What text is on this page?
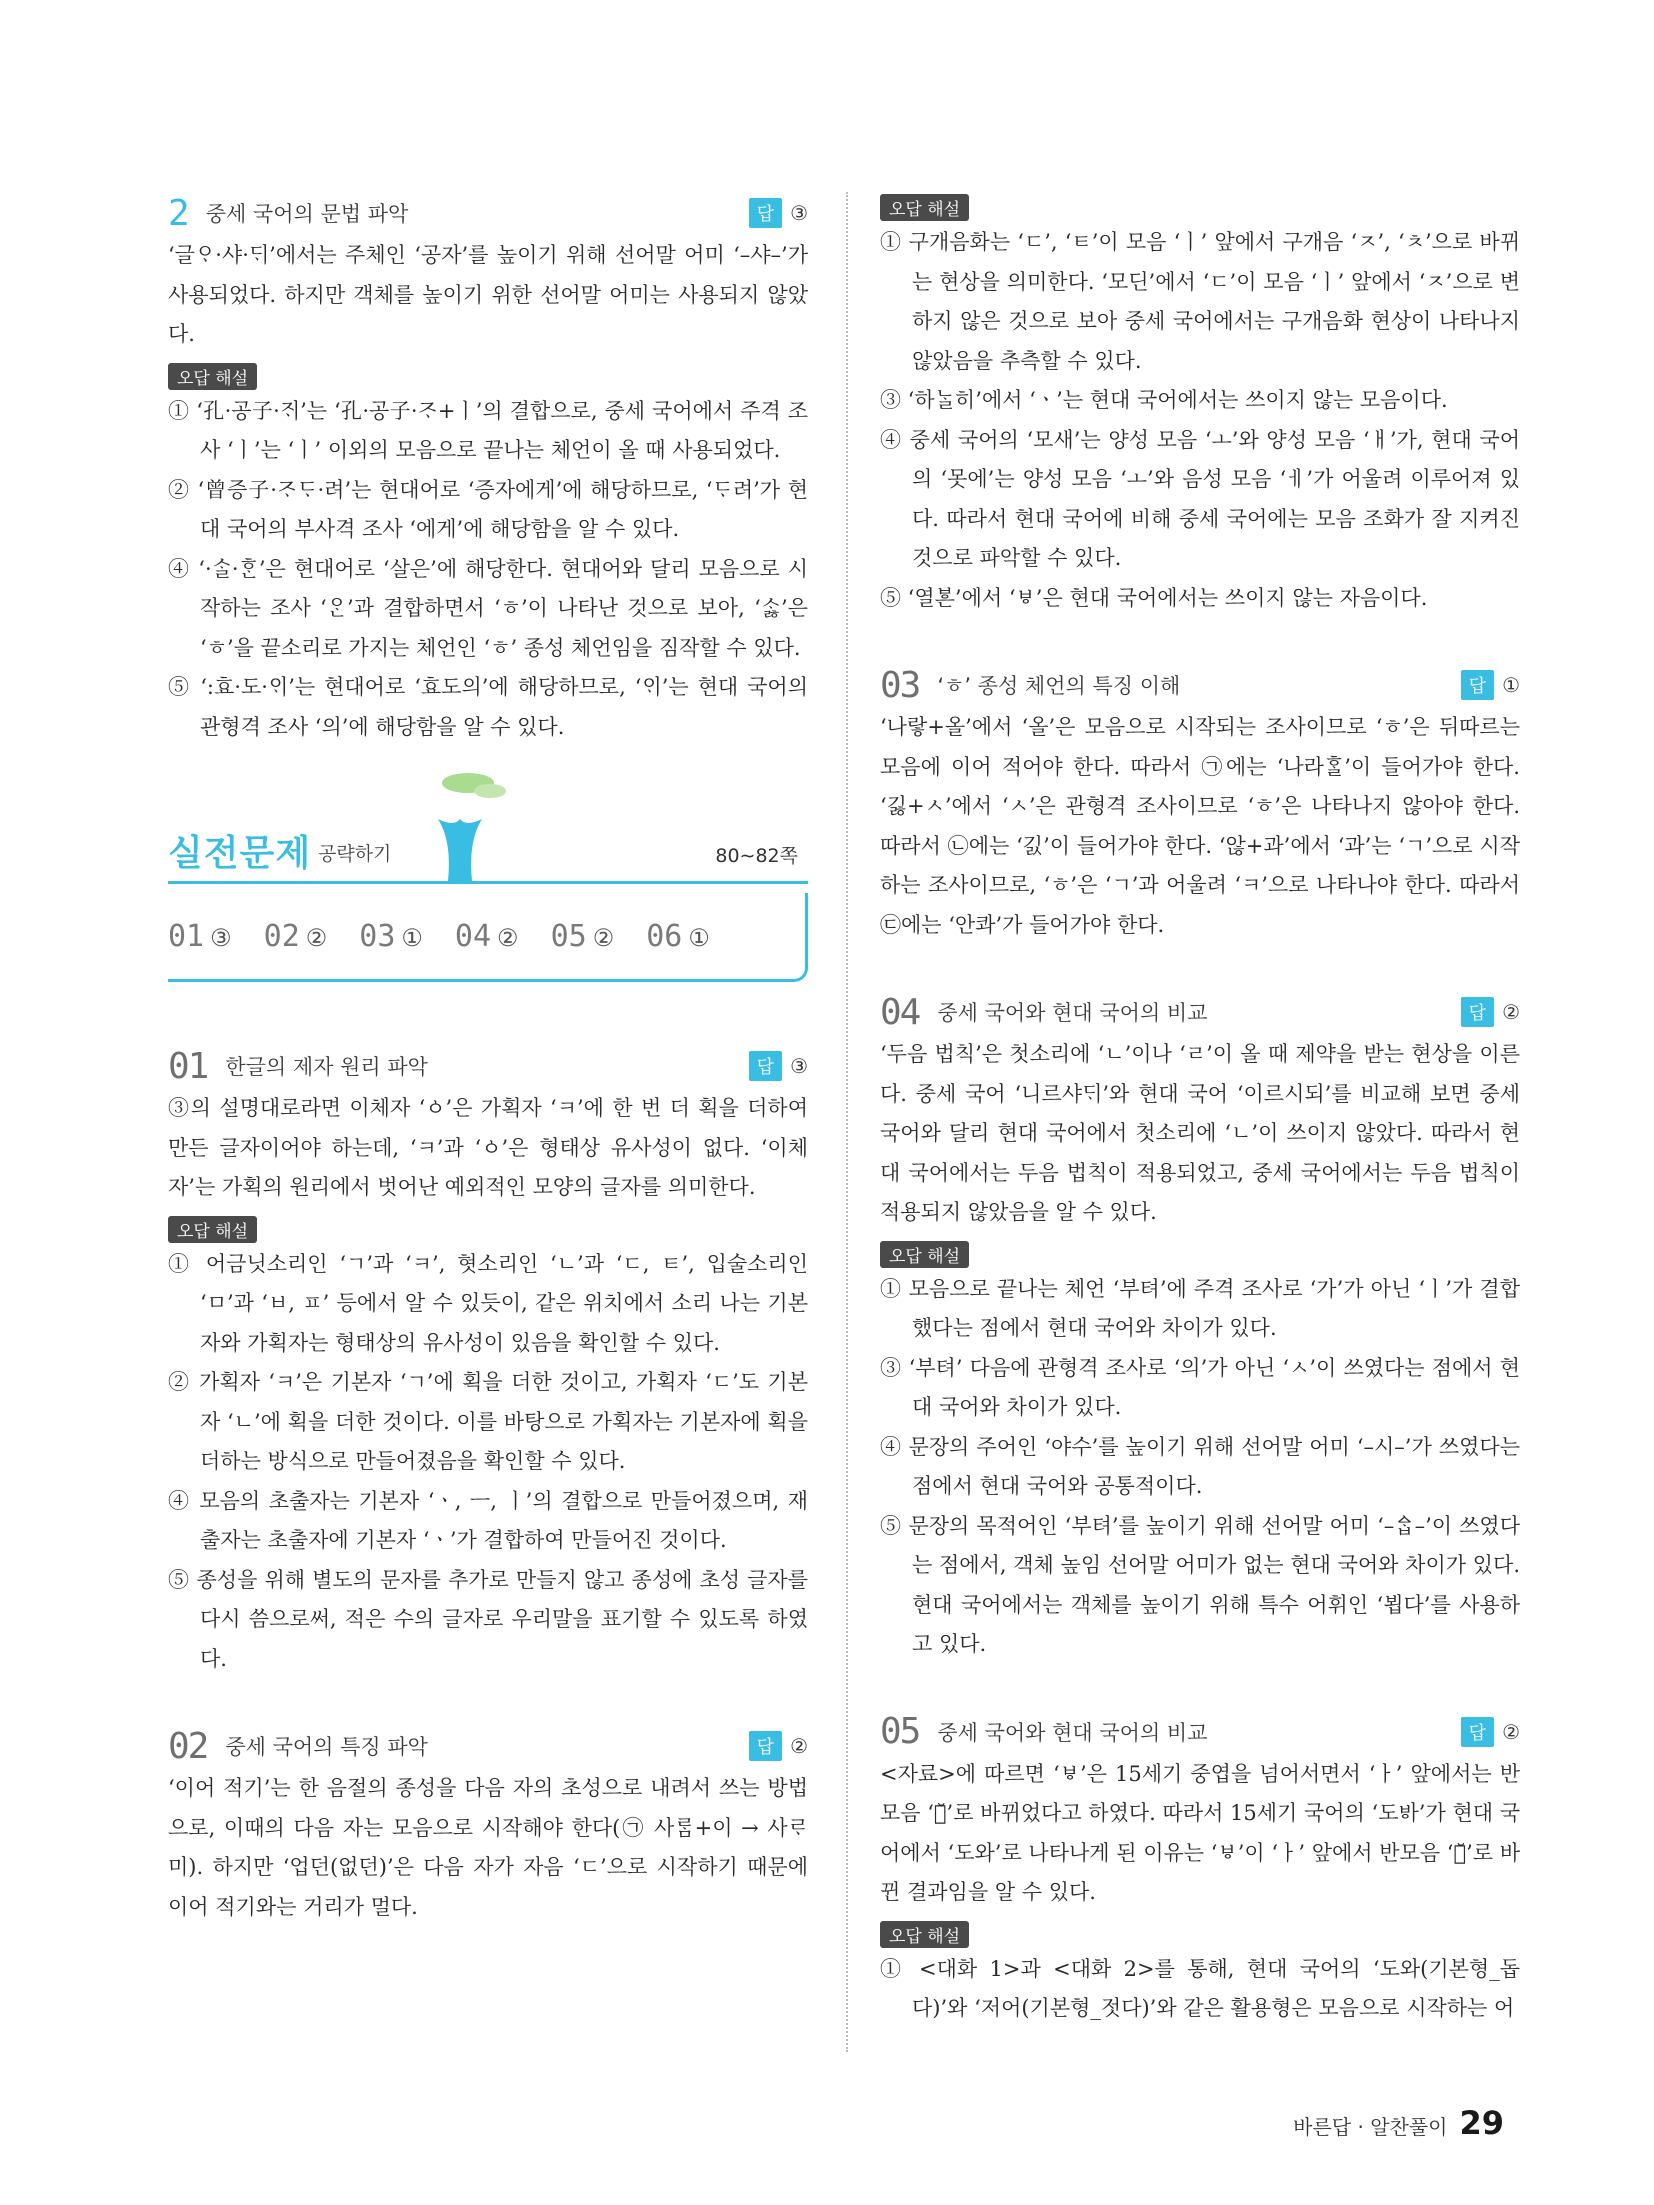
2 중세 국어의 문법 파악	답 ③

‘글ᄋᆞ·샤·ᄃᆡ’에서는 주체인 ‘공자’를 높이기 위해 선어말 어미 ‘–샤–’가 사용되었다. 하지만 객체를 높이기 위한 선어말 어미는 사용되지 않았다.

오답 해설
① ‘孔·공子·ᄌᆡ’는 ‘孔·공子·ᄌᆞ+ㅣ’의 결합으로, 중세 국어에서 주격 조사 ‘ㅣ’는 ‘ㅣ’ 이외의 모음으로 끝나는 체언이 올 때 사용되었다.
② ‘曾증子·ᄌᆞᄃᆞ·려’는 현대어로 ‘증자에게’에 해당하므로, ‘ᄃᆞ려’가 현대 국어의 부사격 조사 ‘에게’에 해당함을 알 수 있다.
④ ‘·ᄉᆞᆯ·ᄒᆞᆫ’은 현대어로 ‘살은’에 해당한다. 현대어와 달리 모음으로 시작하는 조사 ‘ᄋᆞᆫ’과 결합하면서 ‘ㅎ’이 나타난 것으로 보아, ‘ᄉᆞᆶ’은 ‘ㅎ’을 끝소리로 가지는 체언인 ‘ㅎ’ 종성 체언임을 짐작할 수 있다.
⑤ ‘:효·도·ᄋᆡ’는 현대어로 ‘효도의’에 해당하므로, ‘ᄋᆡ’는 현대 국어의 관형격 조사 ‘의’에 해당함을 알 수 있다.
실전문제 공략하기	80∼82쪽
01 ③ 02 ② 03 ① 04 ② 05 ② 06 ①
01 한글의 제자 원리 파악	답 ③

③의 설명대로라면 이체자 ‘ㆁ’은 가획자 ‘ㅋ’에 한 번 더 획을 더하여 만든 글자이어야 하는데, ‘ㅋ’과 ‘ㆁ’은 형태상 유사성이 없다. ‘이체자’는 가획의 원리에서 벗어난 예외적인 모양의 글자를 의미한다.

오답 해설
① 어금닛소리인 ‘ㄱ’과 ‘ㅋ’, 혓소리인 ‘ㄴ’과 ‘ㄷ, ㅌ’, 입술소리인 ‘ㅁ’과 ‘ㅂ, ㅍ’ 등에서 알 수 있듯이, 같은 위치에서 소리 나는 기본자와 가획자는 형태상의 유사성이 있음을 확인할 수 있다.
② 가획자 ‘ㅋ’은 기본자 ‘ㄱ’에 획을 더한 것이고, 가획자 ‘ㄷ’도 기본자 ‘ㄴ’에 획을 더한 것이다. 이를 바탕으로 가획자는 기본자에 획을 더하는 방식으로 만들어졌음을 확인할 수 있다.
④ 모음의 초출자는 기본자 ‘ㆍ, ㅡ, ㅣ’의 결합으로 만들어졌으며, 재출자는 초출자에 기본자 ‘ㆍ’가 결합하여 만들어진 것이다.
⑤ 종성을 위해 별도의 문자를 추가로 만들지 않고 종성에 초성 글자를 다시 씀으로써, 적은 수의 글자로 우리말을 표기할 수 있도록 하였다.
02 중세 국어의 특징 파악	답 ②

‘이어 적기’는 한 음절의 종성을 다음 자의 초성으로 내려서 쓰는 방법으로, 이때의 다음 자는 모음으로 시작해야 한다(㉠ 사ᄅᆞᆷ+이 → 사ᄅᆞ미). 하지만 ‘업던(없던)’은 다음 자가 자음 ‘ㄷ’으로 시작하기 때문에 이어 적기와는 거리가 멀다.

오답 해설
① 구개음화는 ‘ㄷ’, ‘ㅌ’이 모음 ‘ㅣ’ 앞에서 구개음 ‘ㅈ’, ‘ㅊ’으로 바뀌는 현상을 의미한다. ‘모딘’에서 ‘ㄷ’이 모음 ‘ㅣ’ 앞에서 ‘ㅈ’으로 변하지 않은 것으로 보아 중세 국어에서는 구개음화 현상이 나타나지 않았음을 추측할 수 있다.
③ ‘하ᄂᆞᆯ히’에서 ‘ㆍ’는 현대 국어에서는 쓰이지 않는 모음이다.
④ 중세 국어의 ‘모새’는 양성 모음 ‘ㅗ’와 양성 모음 ‘ㅐ’가, 현대 국어의 ‘못에’는 양성 모음 ‘ㅗ’와 음성 모음 ‘ㅔ’가 어울려 이루어져 있다. 따라서 현대 국어에 비해 중세 국어에는 모음 조화가 잘 지켜진 것으로 파악할 수 있다.
⑤ ‘열ᄫᅳᆫ’에서 ‘ㅸ’은 현대 국어에서는 쓰이지 않는 자음이다.
03 ‘ㅎ’ 종성 체언의 특징 이해	답 ①

‘나랗+올’에서 ‘올’은 모음으로 시작되는 조사이므로 ‘ㅎ’은 뒤따르는 모음에 이어 적어야 한다. 따라서 ㉠에는 ‘나라ᄒᆞᆯ’이 들어가야 한다. ‘긿+ㅅ’에서 ‘ㅅ’은 관형격 조사이므로 ‘ㅎ’은 나타나지 않아야 한다. 따라서 ㉡에는 ‘긼’이 들어가야 한다. ‘않+과’에서 ‘과’는 ‘ㄱ’으로 시작하는 조사이므로, ‘ㅎ’은 ‘ㄱ’과 어울려 ‘ㅋ’으로 나타나야 한다. 따라서 ㉢에는 ‘안콰’가 들어가야 한다.

04 중세 국어와 현대 국어의 비교	답 ②

‘두음 법칙’은 첫소리에 ‘ㄴ’이나 ‘ㄹ’이 올 때 제약을 받는 현상을 이른다. 중세 국어 ‘니르샤ᄃᆡ’와 현대 국어 ‘이르시되’를 비교해 보면 중세 국어와 달리 현대 국어에서 첫소리에 ‘ㄴ’이 쓰이지 않았다. 따라서 현대 국어에서는 두음 법칙이 적용되었고, 중세 국어에서는 두음 법칙이 적용되지 않았음을 알 수 있다.

오답 해설
① 모음으로 끝나는 체언 ‘부텨’에 주격 조사로 ‘가’가 아닌 ‘ㅣ’가 결합했다는 점에서 현대 국어와 차이가 있다.
③ ‘부텨’ 다음에 관형격 조사로 ‘의’가 아닌 ‘ㅅ’이 쓰였다는 점에서 현대 국어와 차이가 있다.
④ 문장의 주어인 ‘야수’를 높이기 위해 선어말 어미 ‘–시–’가 쓰였다는 점에서 현대 국어와 공통적이다.
⑤ 문장의 목적어인 ‘부텨’를 높이기 위해 선어말 어미 ‘–ᅀᆞᆸ–’이 쓰였다는 점에서, 객체 높임 선어말 어미가 없는 현대 국어와 차이가 있다. 현대 국어에서는 객체를 높이기 위해 특수 어휘인 ‘뵙다’를 사용하고 있다.
05 중세 국어와 현대 국어의 비교	답 ②

<자료>에 따르면 ‘ㅸ’은 15세기 중엽을 넘어서면서 ‘ㅏ’ 앞에서는 반모음 ‘ㅗ̆’로 바뀌었다고 하였다. 따라서 15세기 국어의 ‘도ᄫᅡ’가 현대 국어에서 ‘도와’로 나타나게 된 이유는 ‘ㅸ’이 ‘ㅏ’ 앞에서 반모음 ‘ㅗ̆’로 바뀐 결과임을 알 수 있다.

오답 해설
① <대화 1>과 <대화 2>를 통해, 현대 국어의 ‘도와(기본형_돕다)’와 ‘저어(기본형_젓다)’와 같은 활용형은 모음으로 시작하는 어
바른답 · 알찬풀이 29
